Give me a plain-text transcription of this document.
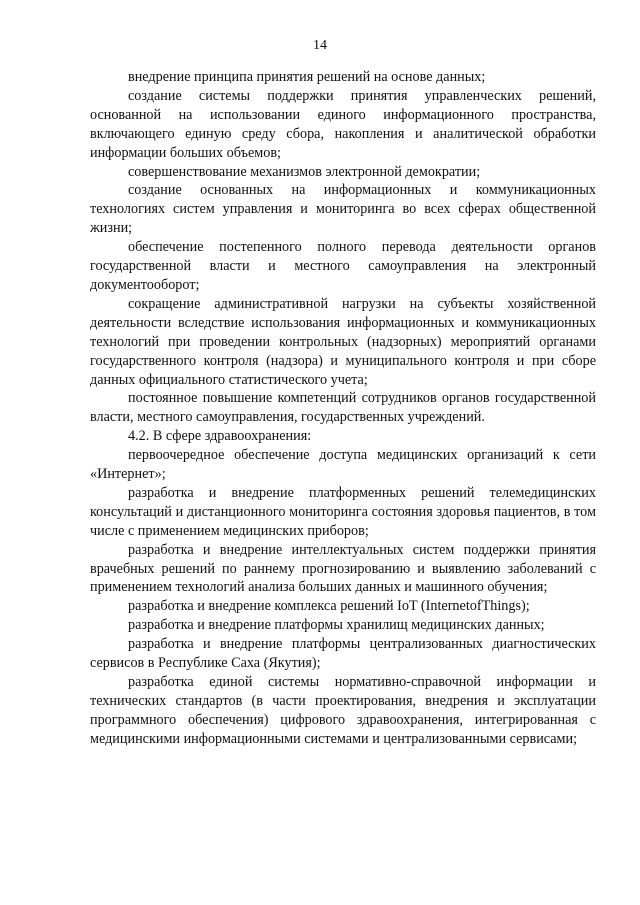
14

внедрение принципа принятия решений на основе данных;

создание системы поддержки принятия управленческих решений, основанной на использовании единого информационного пространства, включающего единую среду сбора, накопления и аналитической обработки информации больших объемов;

совершенствование механизмов электронной демократии;

создание основанных на информационных и коммуникационных технологиях систем управления и мониторинга во всех сферах общественной жизни;

обеспечение постепенного полного перевода деятельности органов государственной власти и местного самоуправления на электронный документооборот;

сокращение административной нагрузки на субъекты хозяйственной деятельности вследствие использования информационных и коммуникационных технологий при проведении контрольных (надзорных) мероприятий органами государственного контроля (надзора) и муниципального контроля и при сборе данных официального статистического учета;

постоянное повышение компетенций сотрудников органов государственной власти, местного самоуправления, государственных учреждений.

4.2. В сфере здравоохранения:

первоочередное обеспечение доступа медицинских организаций к сети «Интернет»;

разработка и внедрение платформенных решений телемедицинских консультаций и дистанционного мониторинга состояния здоровья пациентов, в том числе с применением медицинских приборов;

разработка и внедрение интеллектуальных систем поддержки принятия врачебных решений по раннему прогнозированию и выявлению заболеваний с применением технологий анализа больших данных и машинного обучения;

разработка и внедрение комплекса решений IoT (InternetofThings);

разработка и внедрение платформы хранилищ медицинских данных;

разработка и внедрение платформы централизованных диагностических сервисов в Республике Саха (Якутия);

разработка единой системы нормативно-справочной информации и технических стандартов (в части проектирования, внедрения и эксплуатации программного обеспечения) цифрового здравоохранения, интегрированная с медицинскими информационными системами и централизованными сервисами;
